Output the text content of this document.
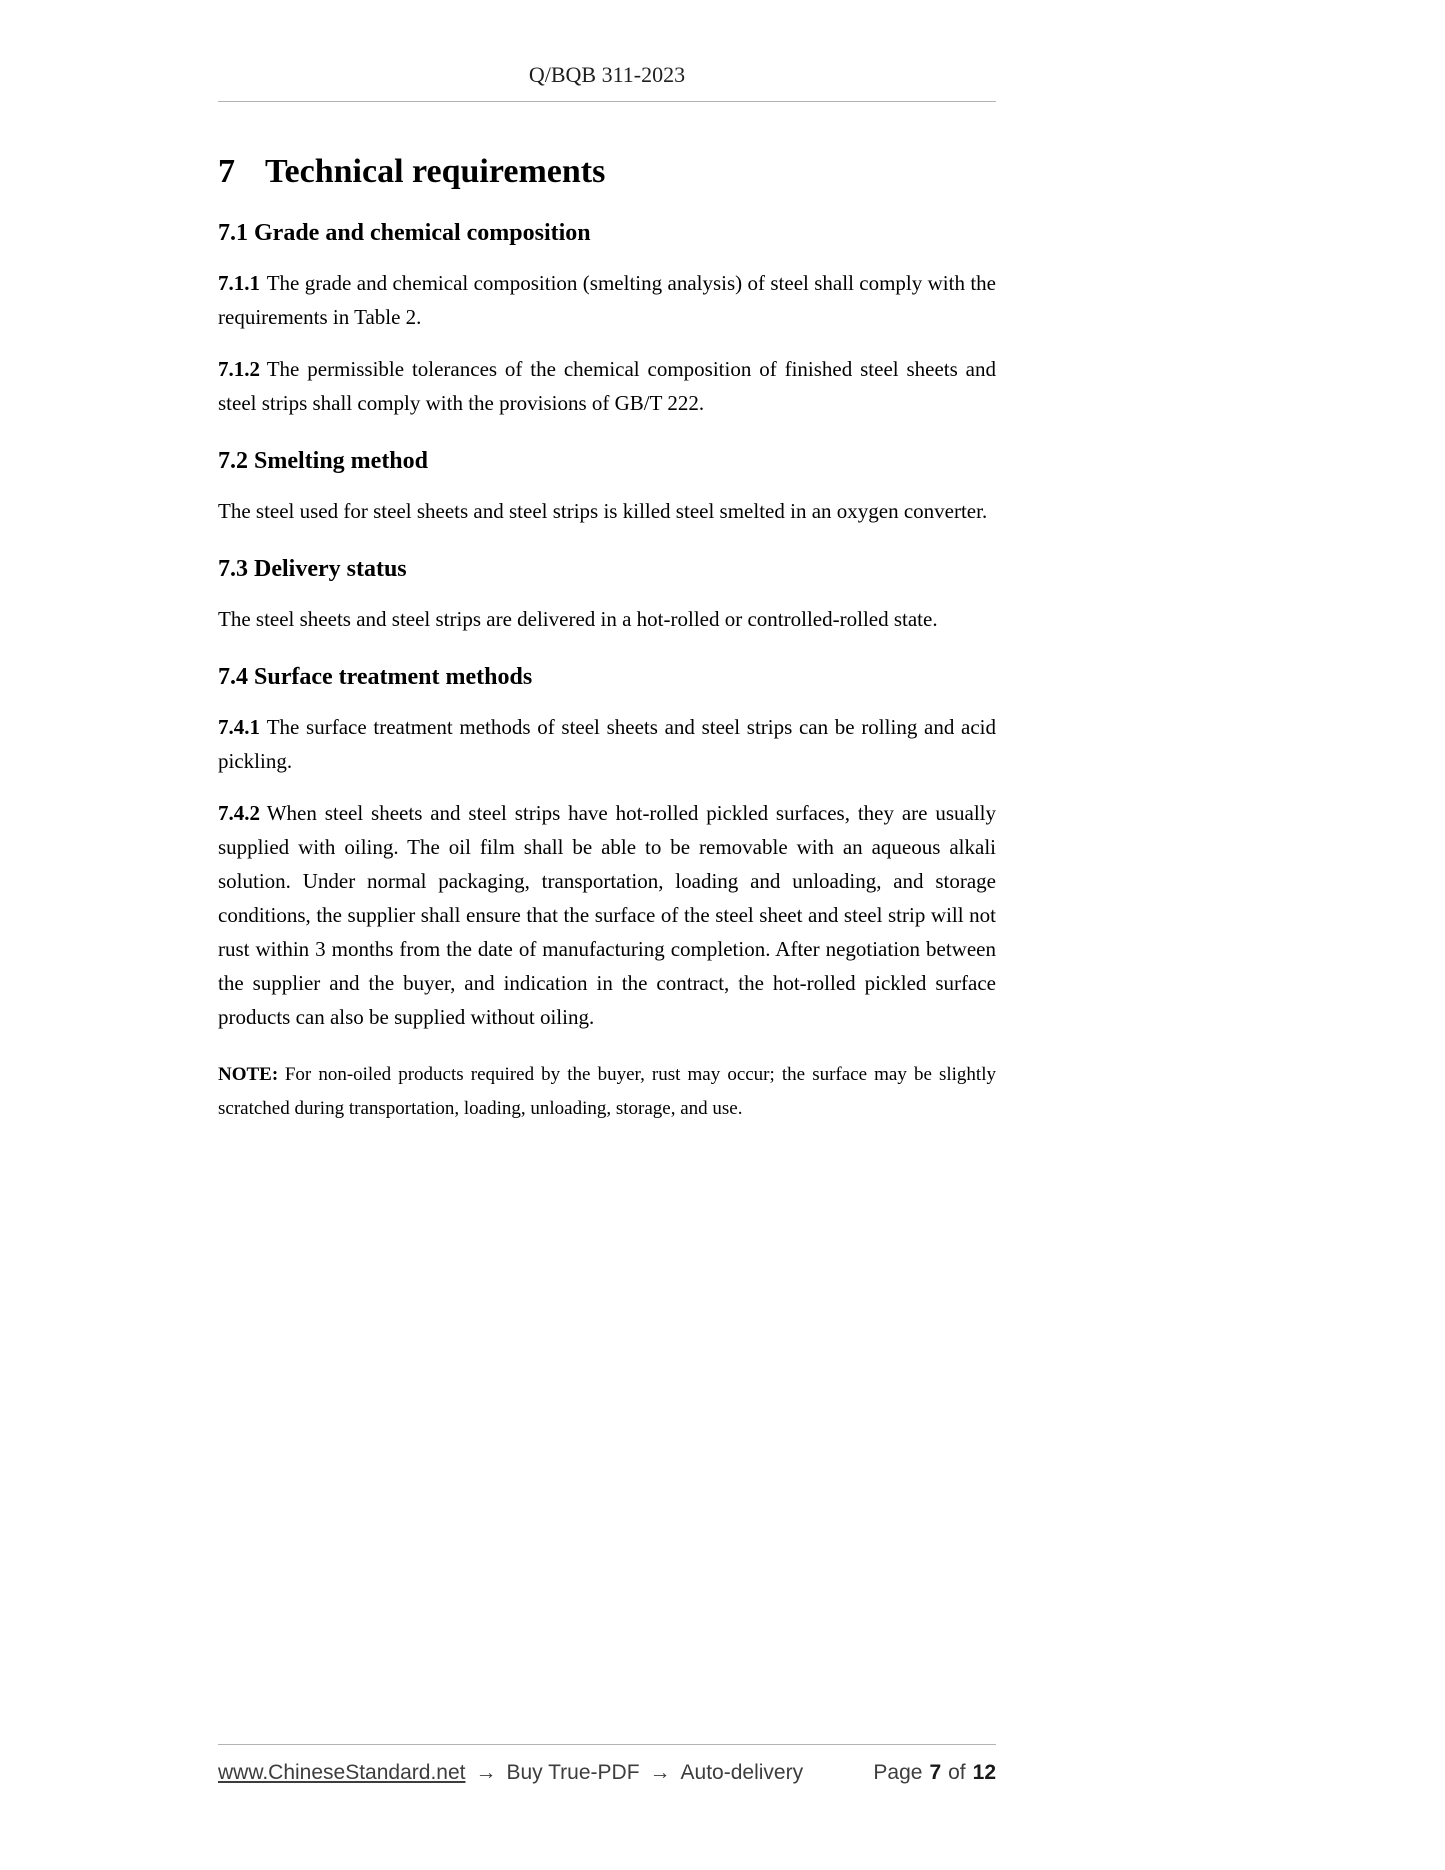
Q/BQB 311-2023
7 Technical requirements
7.1 Grade and chemical composition

7.1.1 The grade and chemical composition (smelting analysis) of steel shall comply with the requirements in Table 2.

7.1.2 The permissible tolerances of the chemical composition of finished steel sheets and steel strips shall comply with the provisions of GB/T 222.

7.2 Smelting method

The steel used for steel sheets and steel strips is killed steel smelted in an oxygen converter.

7.3 Delivery status

The steel sheets and steel strips are delivered in a hot-rolled or controlled-rolled state.

7.4 Surface treatment methods

7.4.1 The surface treatment methods of steel sheets and steel strips can be rolling and acid pickling.

7.4.2 When steel sheets and steel strips have hot-rolled pickled surfaces, they are usually supplied with oiling. The oil film shall be able to be removable with an aqueous alkali solution. Under normal packaging, transportation, loading and unloading, and storage conditions, the supplier shall ensure that the surface of the steel sheet and steel strip will not rust within 3 months from the date of manufacturing completion. After negotiation between the supplier and the buyer, and indication in the contract, the hot-rolled pickled surface products can also be supplied without oiling.

NOTE: For non-oiled products required by the buyer, rust may occur; the surface may be slightly scratched during transportation, loading, unloading, storage, and use.

www.ChineseStandard.net → Buy True-PDF → Auto-delivery	Page 7 of 12
